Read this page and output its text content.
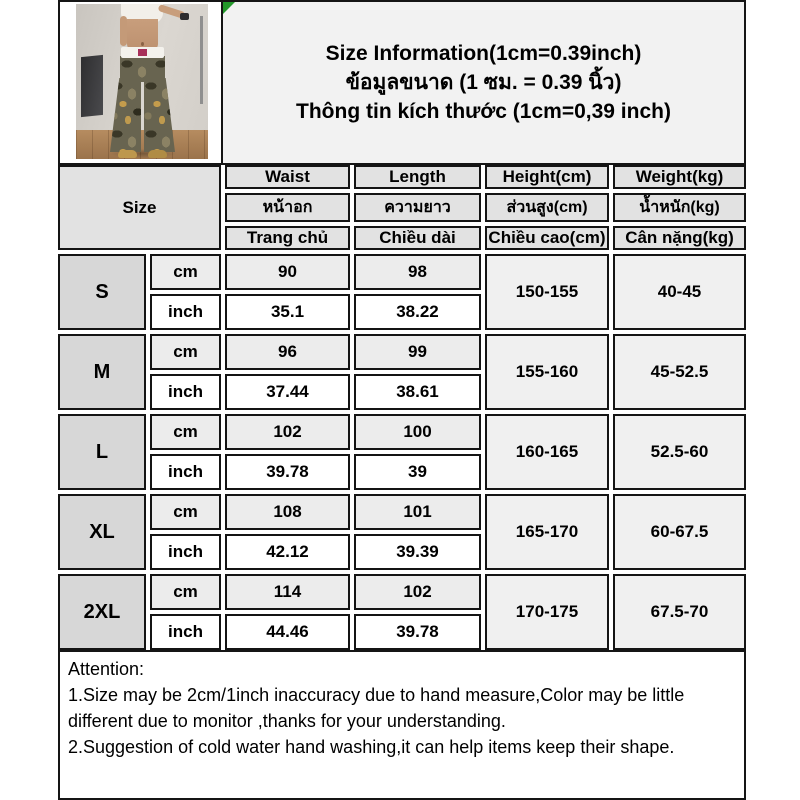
Size Information(1cm=0.39inch)
ข้อมูลขนาด (1 ซม. = 0.39 นิ้ว)
Thông tin kích thước (1cm=0,39 inch)
Size		Waist	Length	Height(cm)	Weight(kg)
		หน้าอก	ความยาว	ส่วนสูง(cm)	น้ำหนัก(kg)
		Trang chủ	Chiều dài	Chiều cao(cm)	Cân nặng(kg)
S	cm	90	98	150-155	40-45
	inch	35.1	38.22		
M	cm	96	99	155-160	45-52.5
	inch	37.44	38.61		
L	cm	102	100	160-165	52.5-60
	inch	39.78	39		
XL	cm	108	101	165-170	60-67.5
	inch	42.12	39.39		
2XL	cm	114	102	170-175	67.5-70
	inch	44.46	39.78		
Attention:
1.Size may be 2cm/1inch inaccuracy due to hand measure,Color may be little different due to monitor ,thanks for your understanding.
2.Suggestion of cold water hand washing,it can help items keep their shape.
